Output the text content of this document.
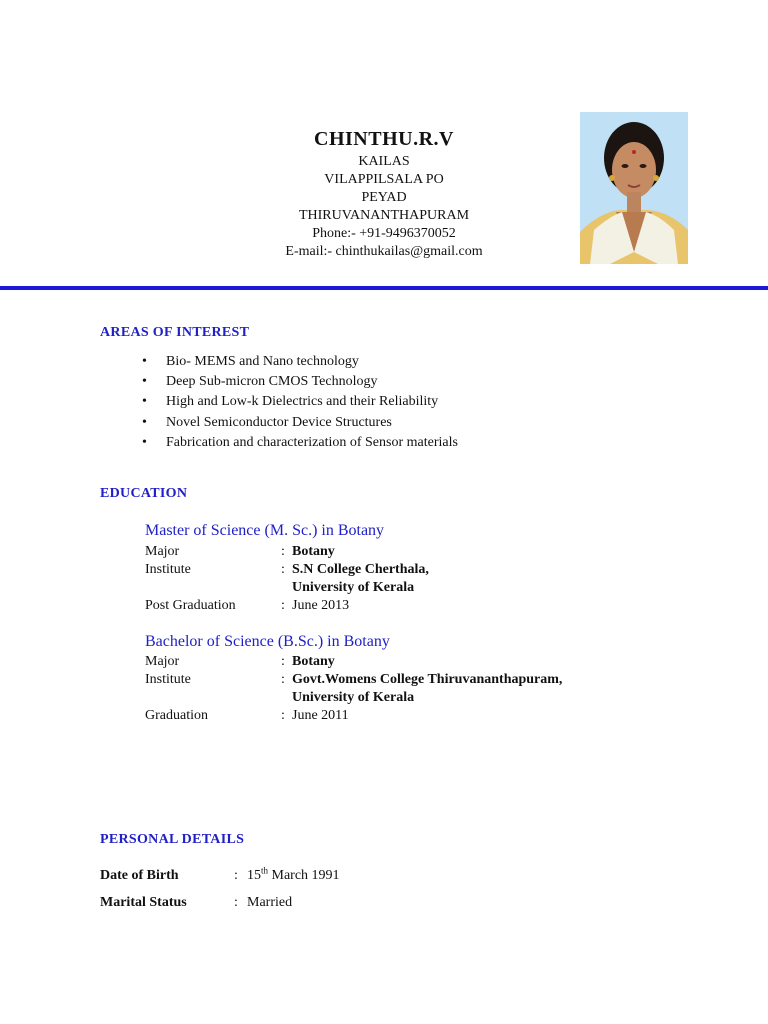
CHINTHU.R.V
KAILAS
VILAPPILSALA PO
PEYAD
THIRUVANANTHAPURAM
Phone:- +91-9496370052
E-mail:- chinthukailas@gmail.com
AREAS OF INTEREST
• Bio- MEMS and Nano technology
• Deep Sub-micron CMOS Technology
• High and Low-k Dielectrics and their Reliability
• Novel Semiconductor Device Structures
• Fabrication and characterization of Sensor materials
EDUCATION
Master of Science (M. Sc.) in Botany
Major	: Botany
Institute	: S.N College Cherthala,
University of Kerala
Post Graduation	: June 2013
Bachelor of Science (B.Sc.) in Botany
Major	: Botany
Institute	: Govt.Womens College Thiruvananthapuram,
University of Kerala
Graduation	: June 2011
PERSONAL DETAILS
Date of Birth	: 15th March 1991
Marital Status	: Married
